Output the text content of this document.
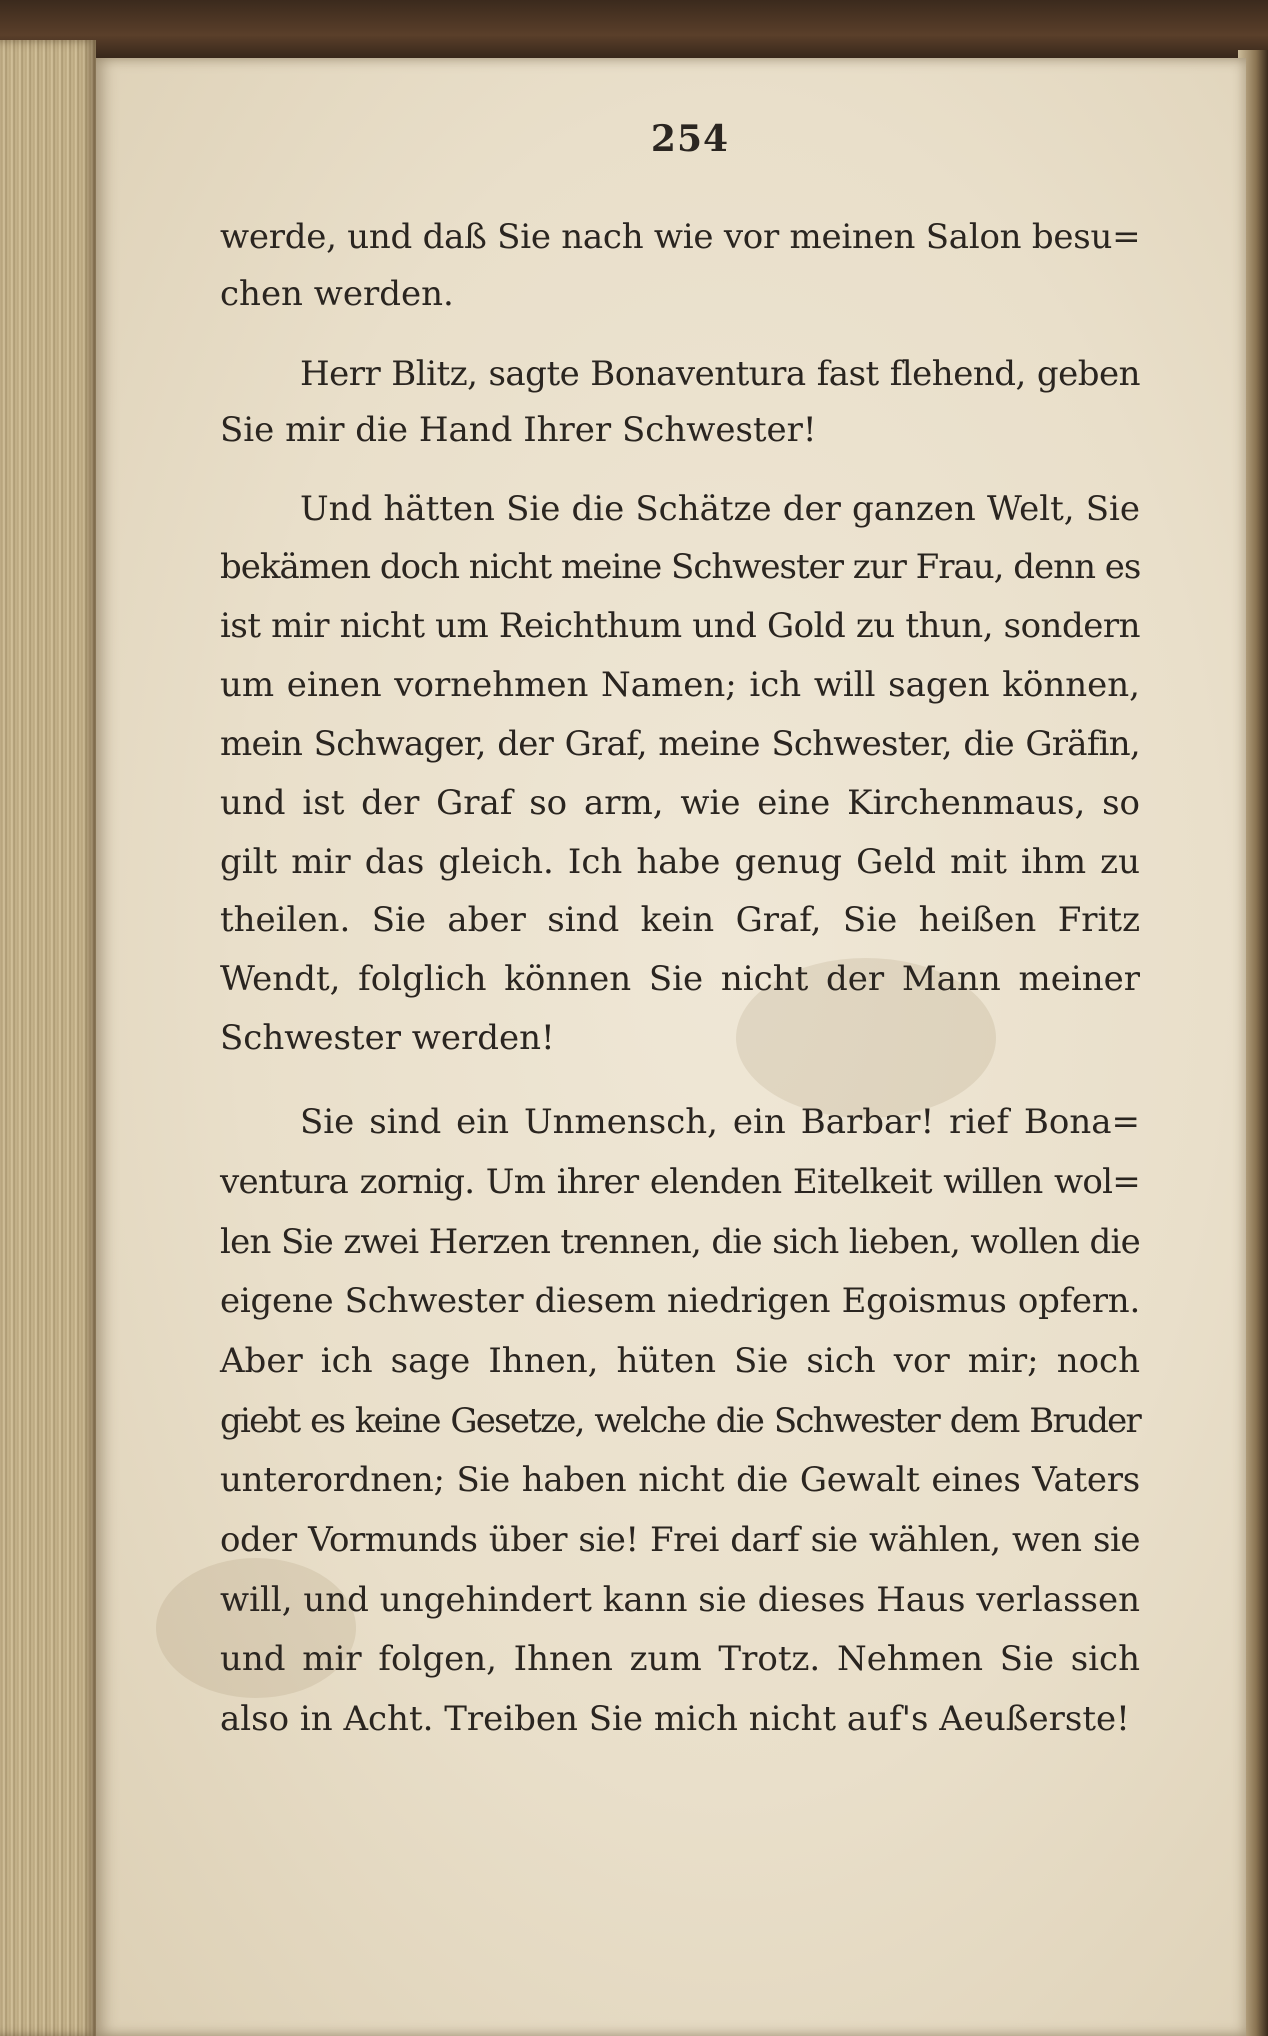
254
werde, und daß Sie nach wie vor meinen Salon besu=
chen werden.
Herr Blitz, sagte Bonaventura fast flehend, geben
Sie mir die Hand Ihrer Schwester!
Und hätten Sie die Schätze der ganzen Welt, Sie
bekämen doch nicht meine Schwester zur Frau, denn es
ist mir nicht um Reichthum und Gold zu thun, sondern
um einen vornehmen Namen; ich will sagen können,
mein Schwager, der Graf, meine Schwester, die Gräfin,
und ist der Graf so arm, wie eine Kirchenmaus, so
gilt mir das gleich. Ich habe genug Geld mit ihm zu
theilen. Sie aber sind kein Graf, Sie heißen Fritz
Wendt, folglich können Sie nicht der Mann meiner
Schwester werden!
Sie sind ein Unmensch, ein Barbar! rief Bona=
ventura zornig. Um ihrer elenden Eitelkeit willen wol=
len Sie zwei Herzen trennen, die sich lieben, wollen die
eigene Schwester diesem niedrigen Egoismus opfern.
Aber ich sage Ihnen, hüten Sie sich vor mir; noch
giebt es keine Gesetze, welche die Schwester dem Bruder
unterordnen; Sie haben nicht die Gewalt eines Vaters
oder Vormunds über sie! Frei darf sie wählen, wen sie
will, und ungehindert kann sie dieses Haus verlassen
und mir folgen, Ihnen zum Trotz. Nehmen Sie sich
also in Acht. Treiben Sie mich nicht auf's Aeußerste!
